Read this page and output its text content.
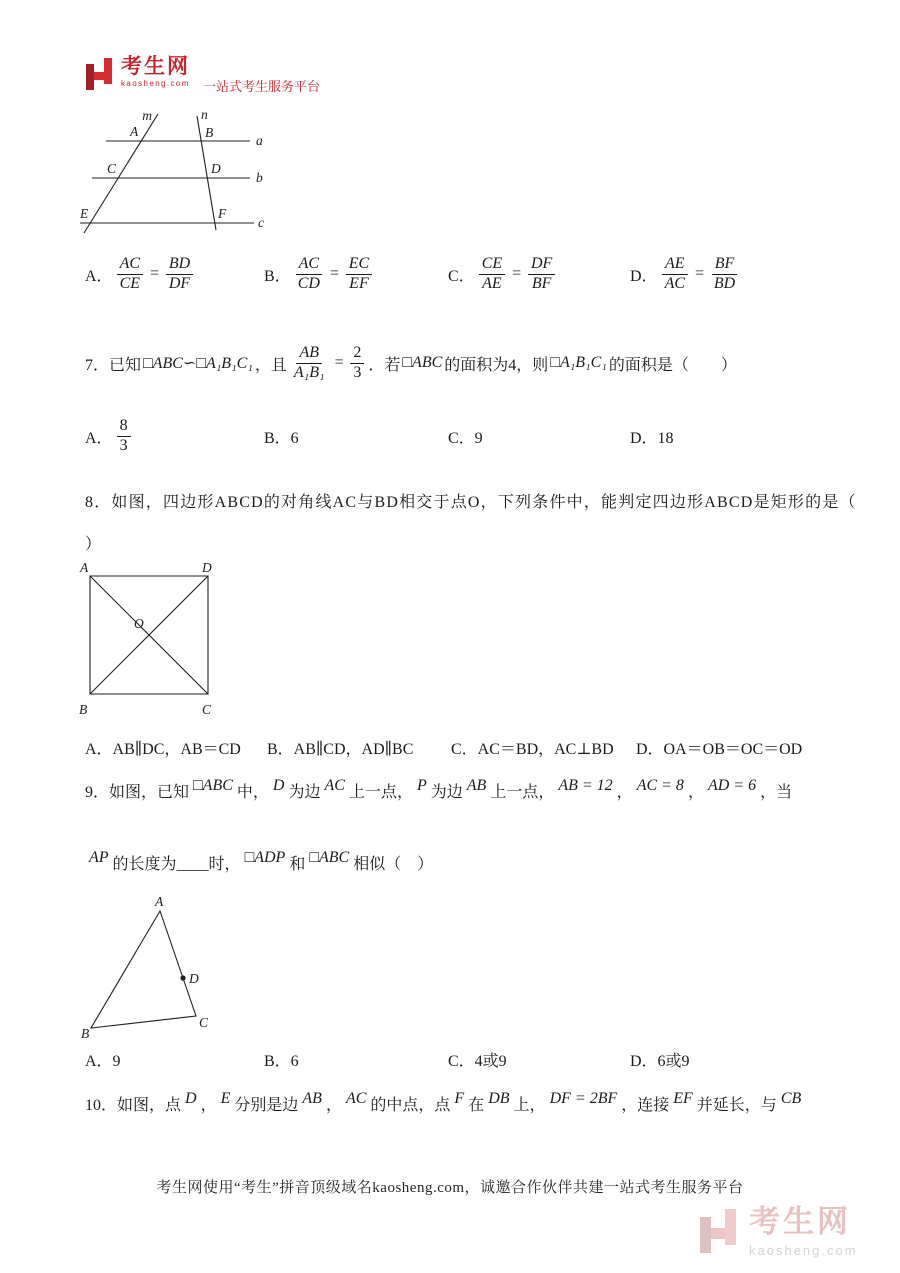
考生网
kaosheng.com 一站式考生服务平台
m	n
a
b
c
A	B
C	D
E	F
A． $\frac{AC}{CE} = \frac{BD}{DF}$	B． $\frac{AC}{CD} = \frac{EC}{EF}$	C． $\frac{CE}{AE} = \frac{DF}{BF}$	D． $\frac{AE}{AC} = \frac{BF}{BD}$
7．已知 □ABC∽□A₁B₁C₁ ，且 $\frac{AB}{\text{A₁B₁}} = \frac{2}{3}$ ．若 □ABC 的面积为4，则 □A₁B₁C₁ 的面积是（　　）
A． $\frac{8}{3}$	B．6	C．9	D．18
8．如图，四边形ABCD的对角线AC与BD相交于点O，下列条件中，能判定四边形ABCD是矩形的是（
）
A	D
B	C
O
A．AB∥DC，AB＝CD B．AB∥CD，AD∥BC C．AC＝BD，AC⊥BD D．OA＝OB＝OC＝OD
9．如图，已知 □ABC 中， D 为边 AC 上一点， P 为边 AB 上一点， AB = 12 ， AC = 8 ， AD = 6 ，当
AP 的长度为____时， □ADP 和 □ABC 相似（　）
A
B
C
D
A．9	B．6	C．4或9	D．6或9
10．如图，点 D ， E 分别是边 AB ， AC 的中点，点 F 在 DB 上， DF = 2BF ，连接 EF 并延长，与 CB
考生网使用“考生”拼音顶级域名kaosheng.com，诚邀合作伙伴共建一站式考生服务平台
考生网
kaosheng.com
